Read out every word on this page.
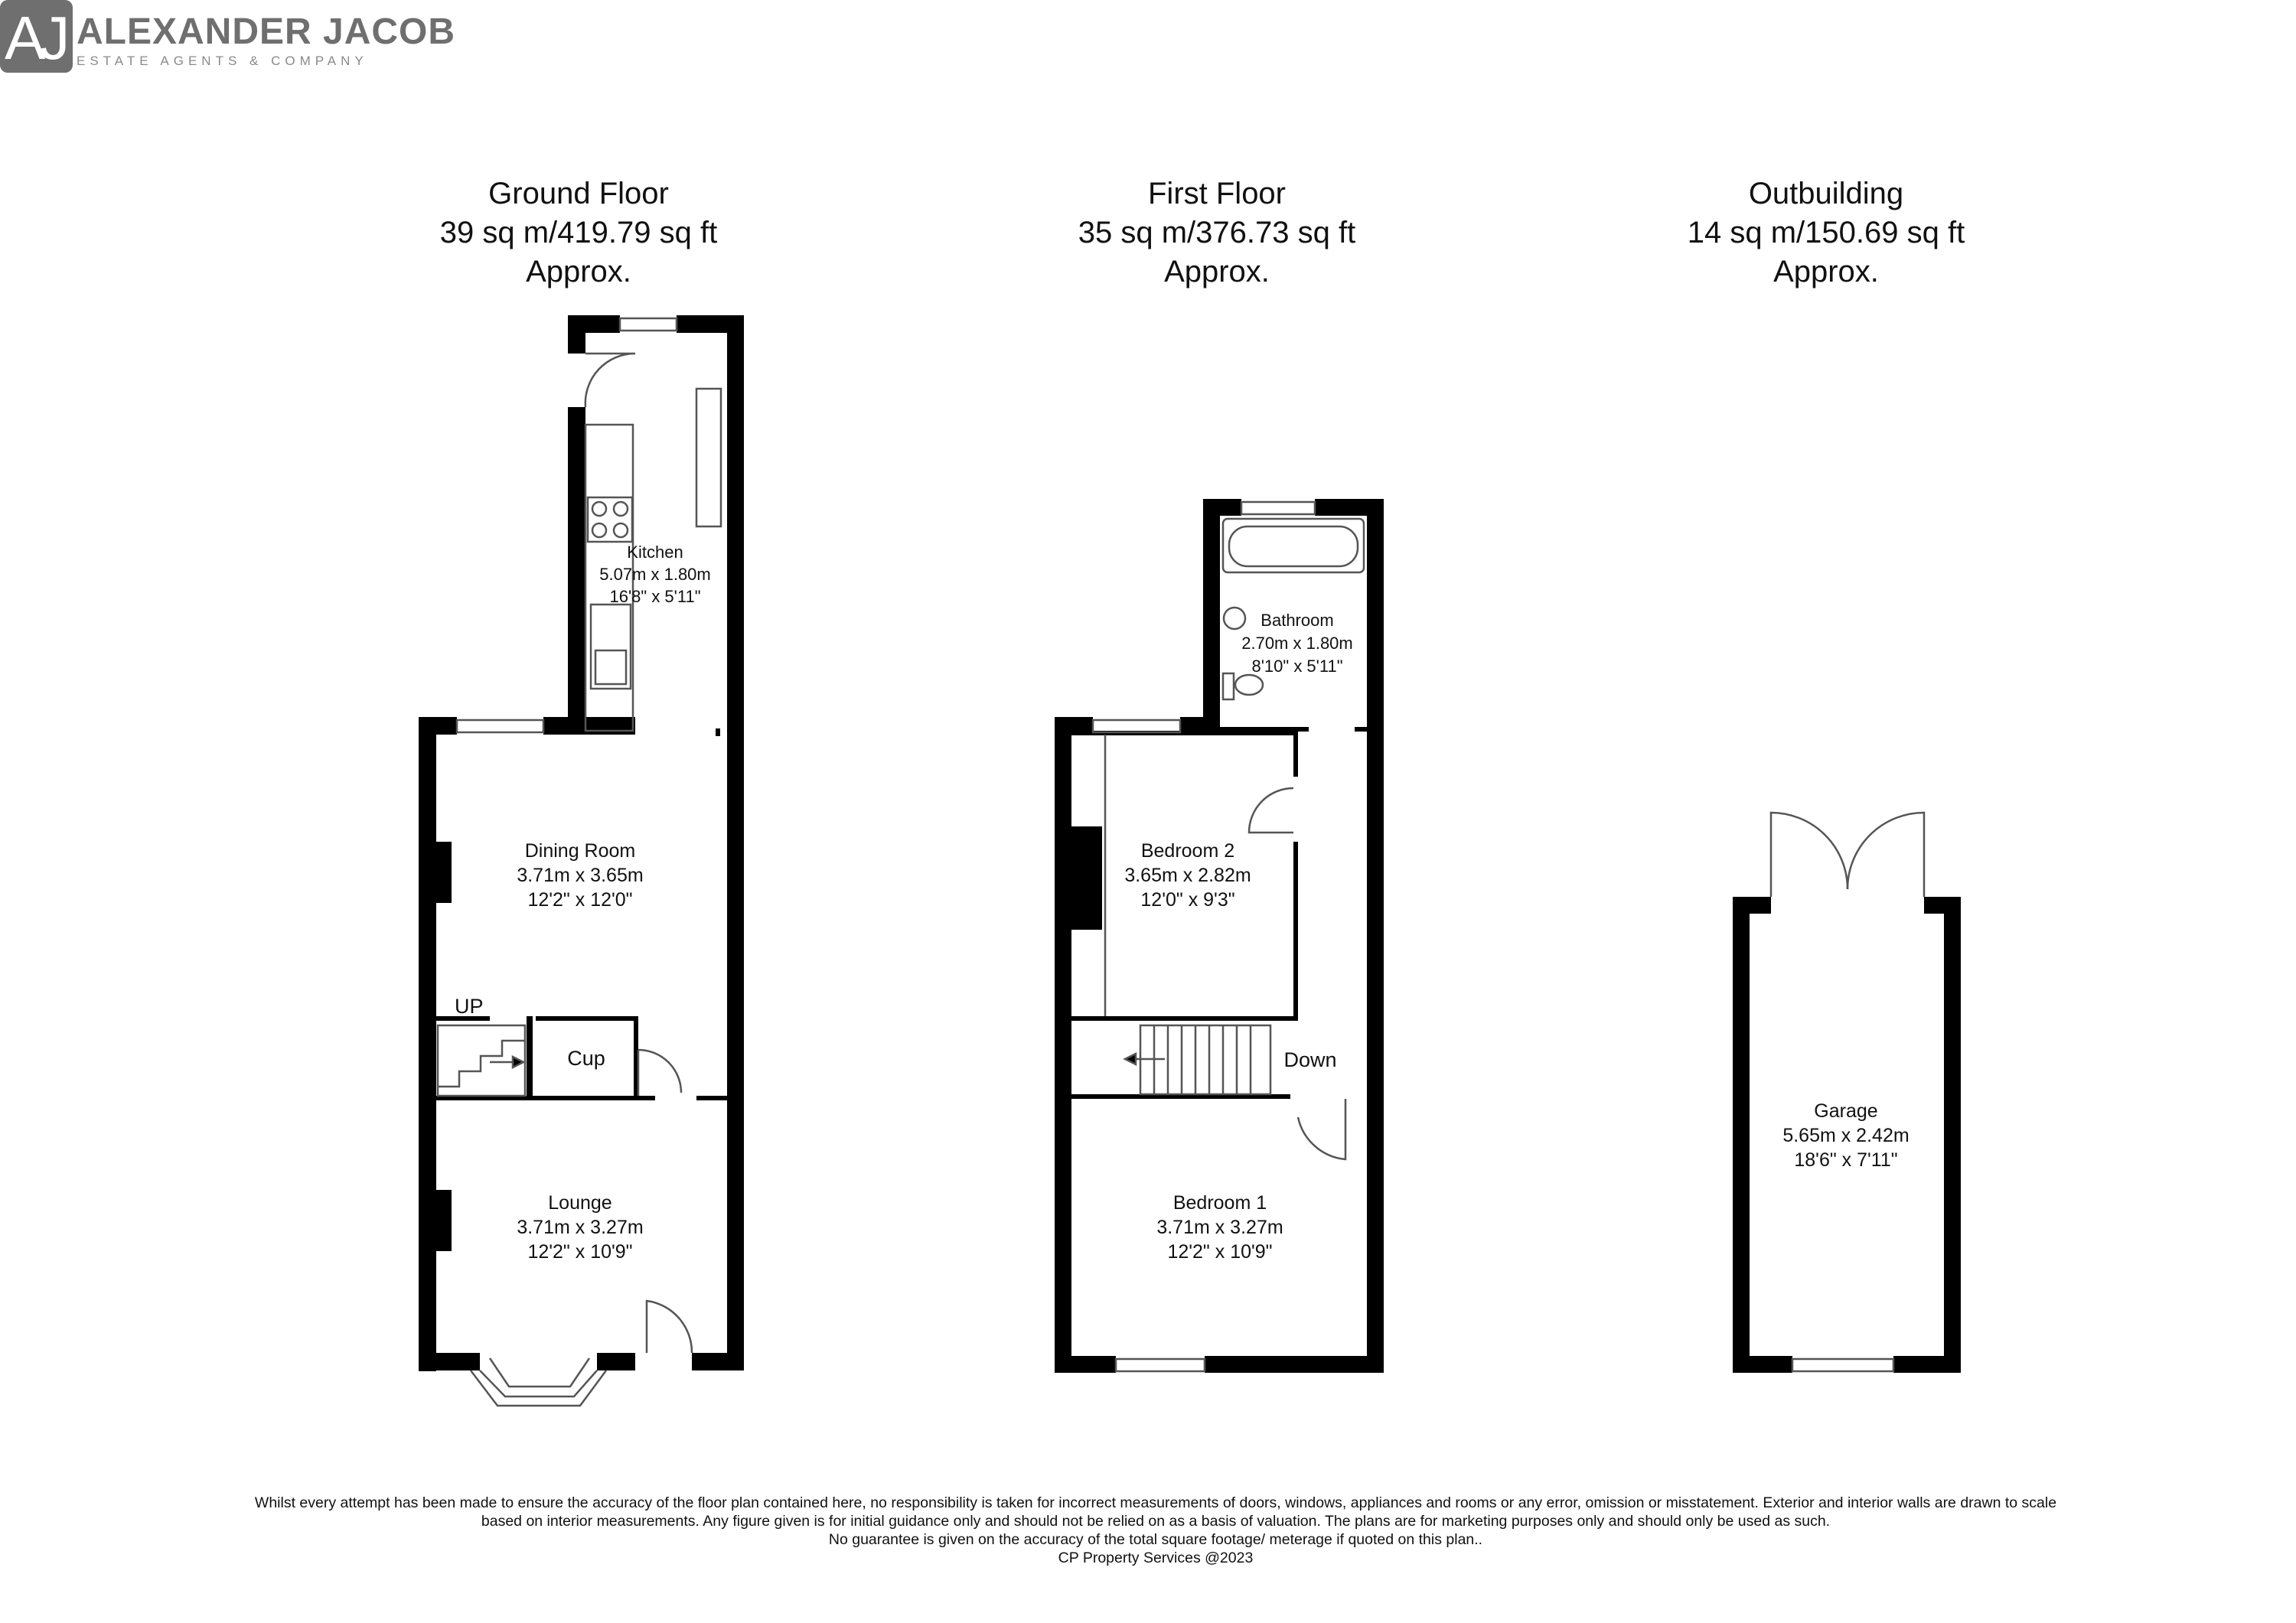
AJ ALEXANDER JACOB
ESTATE AGENTS & COMPANY
Ground Floor
39 sq m/419.79 sq ft
Approx.
First Floor
35 sq m/376.73 sq ft
Approx.
Outbuilding
14 sq m/150.69 sq ft
Approx.
Kitchen
5.07m x 1.80m
16'8" x 5'11"
Dining Room
3.71m x 3.65m
12'2" x 12'0"
Lounge
3.71m x 3.27m
12'2" x 10'9"
UP
Cup
Bathroom
2.70m x 1.80m
8'10" x 5'11"
Bedroom 2
3.65m x 2.82m
12'0" x 9'3"
Down
Bedroom 1
3.71m x 3.27m
12'2" x 10'9"
Garage
5.65m x 2.42m
18'6" x 7'11"
Whilst every attempt has been made to ensure the accuracy of the floor plan contained here, no responsibility is taken for incorrect measurements of doors, windows, appliances and rooms or any error, omission or misstatement. Exterior and interior walls are drawn to scale
based on interior measurements. Any figure given is for initial guidance only and should not be relied on as a basis of valuation. The plans are for marketing purposes only and should only be used as such.
No guarantee is given on the accuracy of the total square footage/ meterage if quoted on this plan..
CP Property Services @2023
